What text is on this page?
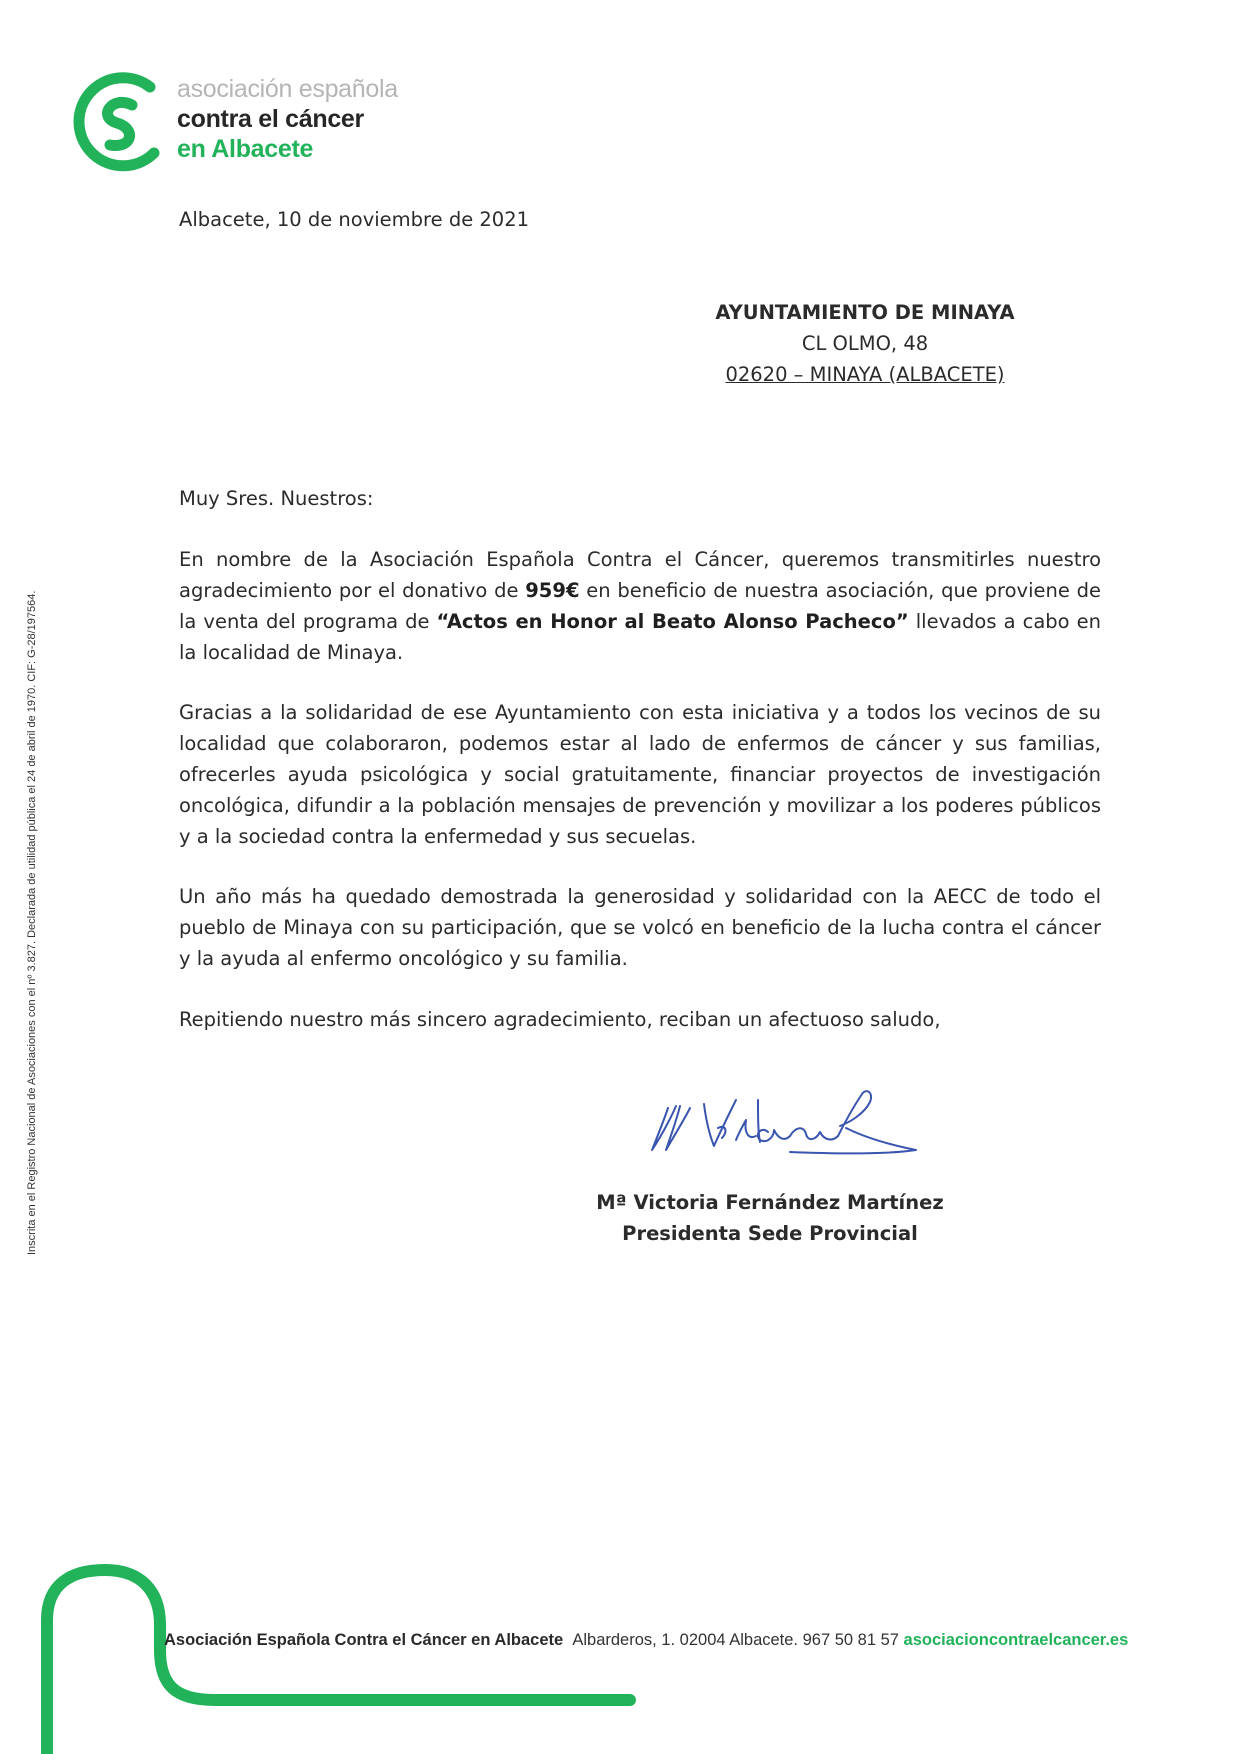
asociación española
contra el cáncer
en Albacete
Inscrita en el Registro Nacional de Asociaciones con el nº 3.827. Declarada de utilidad pública el 24 de abril de 1970. CIF: G-28/197564.
Albacete, 10 de noviembre de 2021
AYUNTAMIENTO DE MINAYA
CL OLMO, 48
02620 – MINAYA (ALBACETE)
Muy Sres. Nuestros:
En nombre de la Asociación Española Contra el Cáncer, queremos transmitirles nuestro agradecimiento por el donativo de 959€ en beneficio de nuestra asociación, que proviene de la venta del programa de “Actos en Honor al Beato Alonso Pacheco” llevados a cabo en la localidad de Minaya.
Gracias a la solidaridad de ese Ayuntamiento con esta iniciativa y a todos los vecinos de su localidad que colaboraron, podemos estar al lado de enfermos de cáncer y sus familias, ofrecerles ayuda psicológica y social gratuitamente, financiar proyectos de investigación oncológica, difundir a la población mensajes de prevención y movilizar a los poderes públicos y a la sociedad contra la enfermedad y sus secuelas.
Un año más ha quedado demostrada la generosidad y solidaridad con la AECC de todo el pueblo de Minaya con su participación, que se volcó en beneficio de la lucha contra el cáncer y la ayuda al enfermo oncológico y su familia.
Repitiendo nuestro más sincero agradecimiento, reciban un afectuoso saludo,
Mª Victoria Fernández Martínez
Presidenta Sede Provincial
Asociación Española Contra el Cáncer en Albacete Albarderos, 1. 02004 Albacete. 967 50 81 57 asociacioncontraelcancer.es
